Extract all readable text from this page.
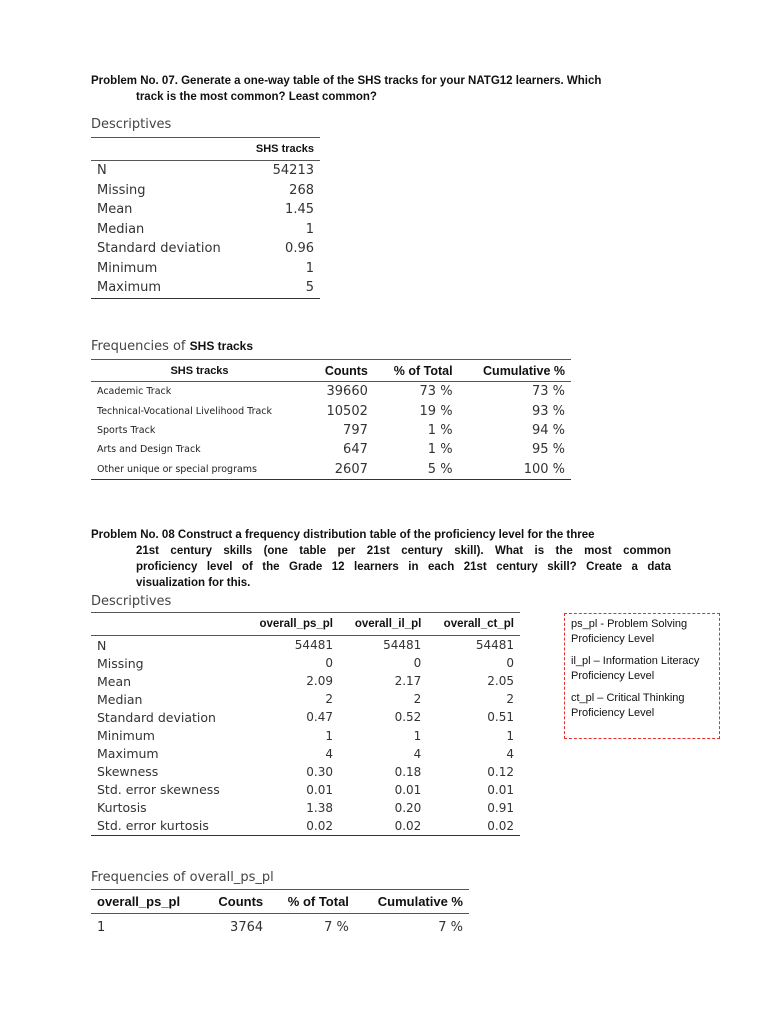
Problem No. 07. Generate a one-way table of the SHS tracks for your NATG12 learners. Which

track is the most common? Least common?

Descriptives
	SHS tracks
N	54213
Missing	268
Mean	1.45
Median	1
Standard deviation	0.96
Minimum	1
Maximum	5
Frequencies of SHS tracks
SHS tracks	Counts	% of Total	Cumulative %
Academic Track	39660	73 %	73 %
Technical-Vocational Livelihood Track	10502	19 %	93 %
Sports Track	797	1 %	94 %
Arts and Design Track	647	1 %	95 %
Other unique or special programs	2607	5 %	100 %

Problem No. 08 Construct a frequency distribution table of the proficiency level for the three

21st century skills (one table per 21st century skill). What is the most common

proficiency level of the Grade 12 learners in each 21st century skill? Create a data

visualization for this.

Descriptives
	overall_ps_pl	overall_il_pl	overall_ct_pl
N	54481	54481	54481
Missing	0	0	0
Mean	2.09	2.17	2.05
Median	2	2	2
Standard deviation	0.47	0.52	0.51
Minimum	1	1	1
Maximum	4	4	4
Skewness	0.30	0.18	0.12
Std. error skewness	0.01	0.01	0.01
Kurtosis	1.38	0.20	0.91
Std. error kurtosis	0.02	0.02	0.02

ps_pl - Problem Solving Proficiency Level

il_pl – Information Literacy Proficiency Level

ct_pl – Critical Thinking Proficiency Level

Frequencies of overall_ps_pl
overall_ps_pl	Counts	% of Total	Cumulative %
1	3764	7 %	7 %
